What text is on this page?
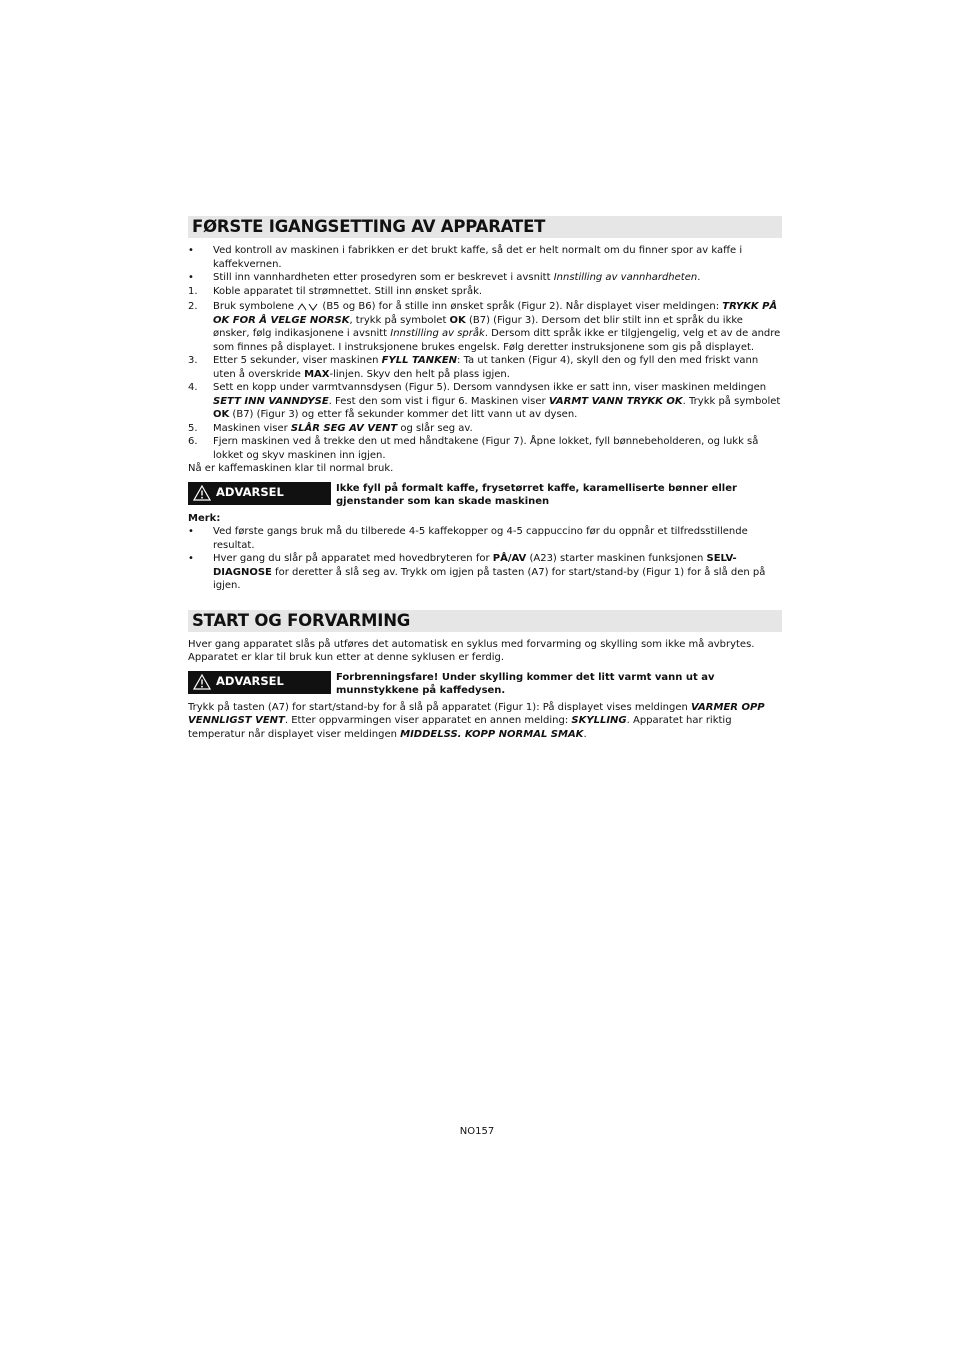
FØRSTE IGANGSETTING AV APPARATET
•	Ved kontroll av maskinen i fabrikken er det brukt kaffe, så det er helt normalt om du finner spor av kaffe i kaffekvernen.
•	Still inn vannhardheten etter prosedyren som er beskrevet i avsnitt Innstilling av vannhardheten.
1.	Koble apparatet til strømnettet. Still inn ønsket språk.
2.	Bruk symbolene	(B5 og B6) for å stille inn ønsket språk (Figur 2). Når displayet viser meldingen: TRYKK PÅ OK FOR Å VELGE NORSK, trykk på symbolet OK (B7) (Figur 3). Dersom det blir stilt inn et språk du ikke ønsker, følg indikasjonene i avsnitt Innstilling av språk. Dersom ditt språk ikke er tilgjengelig, velg et av de andre som finnes på displayet. I instruksjonene brukes engelsk. Følg deretter instruksjonene som gis på displayet.
3.	Etter 5 sekunder, viser maskinen FYLL TANKEN: Ta ut tanken (Figur 4), skyll den og fyll den med friskt vann uten å overskride MAX-linjen. Skyv den helt på plass igjen.
4.	Sett en kopp under varmtvannsdysen (Figur 5). Dersom vanndysen ikke er satt inn, viser maskinen meldingen SETT INN VANNDYSE. Fest den som vist i figur 6. Maskinen viser VARMT VANN TRYKK OK. Trykk på symbolet OK (B7) (Figur 3) og etter få sekunder kommer det litt vann ut av dysen.
5.	Maskinen viser SLÅR SEG AV VENT og slår seg av.
6.	Fjern maskinen ved å trekke den ut med håndtakene (Figur 7). Åpne lokket, fyll bønnebeholderen, og lukk så lokket og skyv maskinen inn igjen.

Nå er kaffemaskinen klar til normal bruk.

ADVARSEL	Ikke fyll på formalt kaffe, frysetørret kaffe, karamelliserte bønner eller gjenstander som kan skade maskinen

Merk:

•	Ved første gangs bruk må du tilberede 4-5 kaffekopper og 4-5 cappuccino før du oppnår et tilfredsstillende resultat.
•	Hver gang du slår på apparatet med hovedbryteren for PÅ/AV (A23) starter maskinen funksjonen SELV-DIAGNOSE for deretter å slå seg av. Trykk om igjen på tasten (A7) for start/stand-by (Figur 1) for å slå den på igjen.
START OG FORVARMING

Hver gang apparatet slås på utføres det automatisk en syklus med forvarming og skylling som ikke må avbrytes. Apparatet er klar til bruk kun etter at denne syklusen er ferdig.

ADVARSEL	Forbrenningsfare! Under skylling kommer det litt varmt vann ut av munnstykkene på kaffedysen.

Trykk på tasten (A7) for start/stand-by for å slå på apparatet (Figur 1): På displayet vises meldingen VARMER OPP VENNLIGST VENT. Etter oppvarmingen viser apparatet en annen melding: SKYLLING. Apparatet har riktig temperatur når displayet viser meldingen MIDDELSS. KOPP NORMAL SMAK.

NO157
